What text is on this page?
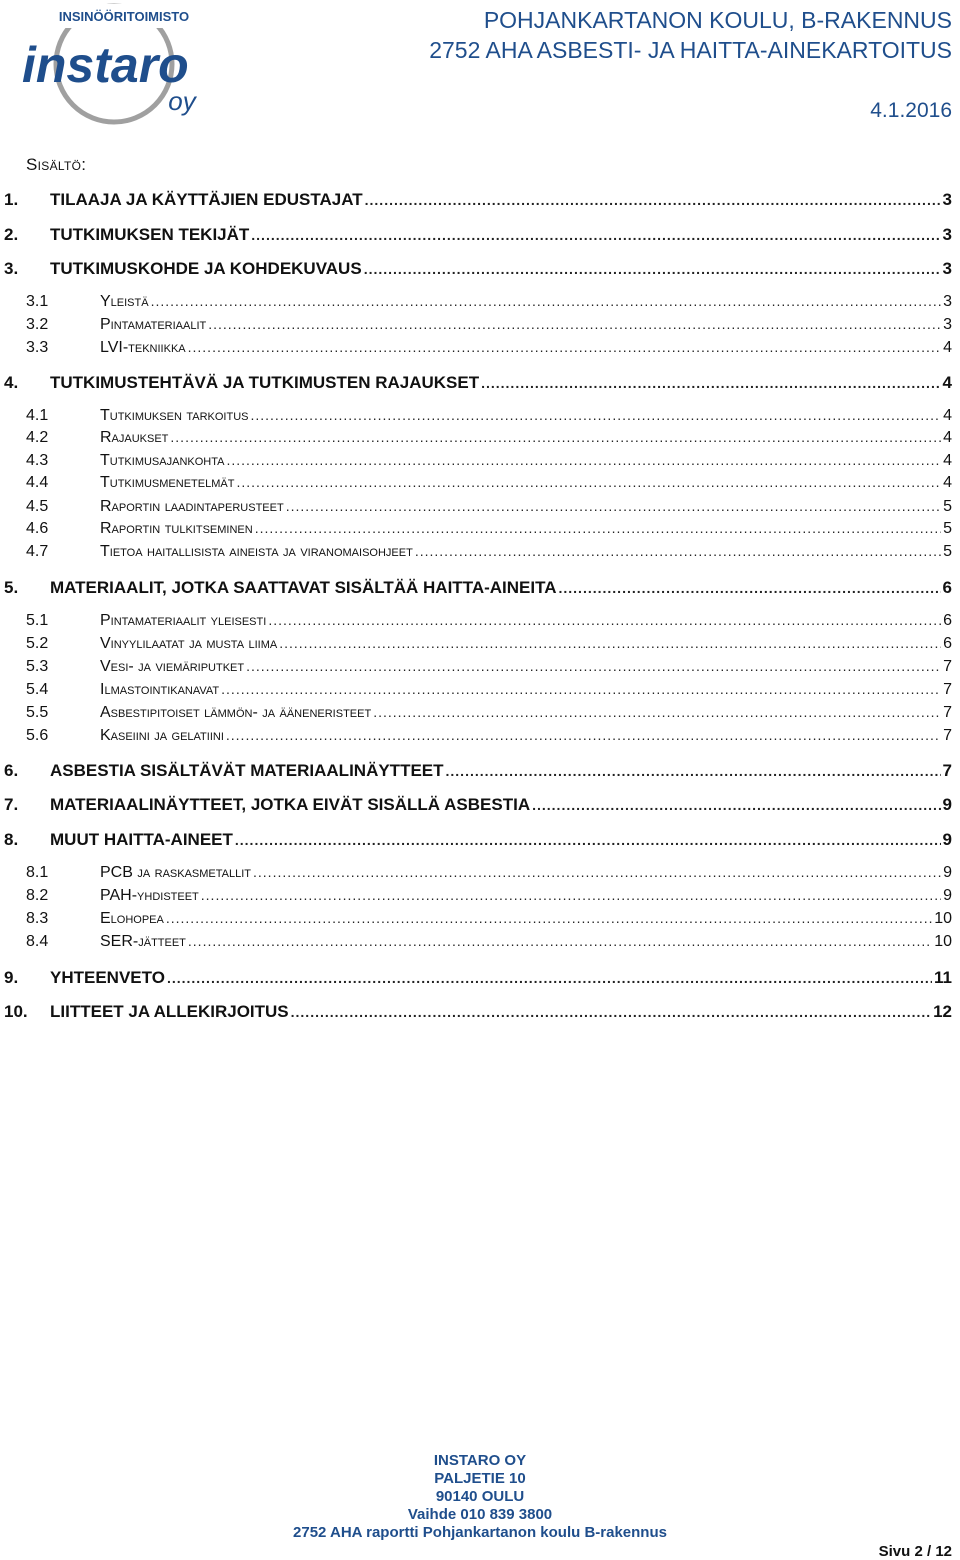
INSINÖÖRITOIMISTO
instaro
oy
POHJANKARTANON KOULU, B-RAKENNUS
2752 AHA ASBESTI- JA HAITTA-AINEKARTOITUS
4.1.2016
Sisältö:
1.	TILAAJA JA KÄYTTÄJIEN EDUSTAJAT .....	3
2.	TUTKIMUKSEN TEKIJÄT .....	3
3.	TUTKIMUSKOHDE JA KOHDEKUVAUS .....	3
3.1	Yleistä .....	3
3.2	Pintamateriaalit .....	3
3.3	LVI-tekniikka .....	4
4.	TUTKIMUSTEHTÄVÄ JA TUTKIMUSTEN RAJAUKSET .....	4
4.1	Tutkimuksen tarkoitus .....	4
4.2	Rajaukset .....	4
4.3	Tutkimusajankohta .....	4
4.4	Tutkimusmenetelmät .....	4
4.5	Raportin laadintaperusteet .....	5
4.6	Raportin tulkitseminen .....	5
4.7	Tietoa haitallisista aineista ja viranomaisohjeet .....	5
5.	MATERIAALIT, JOTKA SAATTAVAT SISÄLTÄÄ HAITTA-AINEITA .....	6
5.1	Pintamateriaalit yleisesti .....	6
5.2	Vinyylilaatat ja musta liima .....	6
5.3	Vesi- ja viemäriputket .....	7
5.4	Ilmastointikanavat .....	7
5.5	Asbestipitoiset lämmön- ja ääneneristeet .....	7
5.6	Kaseiini ja gelatiini .....	7
6.	ASBESTIA SISÄLTÄVÄT MATERIAALINÄYTTEET .....	7
7.	MATERIAALINÄYTTEET, JOTKA EIVÄT SISÄLLÄ ASBESTIA .....	9
8.	MUUT HAITTA-AINEET .....	9
8.1	PCB ja raskasmetallit .....	9
8.2	PAH-yhdisteet .....	9
8.3	Elohopea .....	10
8.4	SER-jätteet .....	10
9.	YHTEENVETO .....	11
10.	LIITTEET JA ALLEKIRJOITUS .....	12
INSTARO OY
PALJETIE 10
90140 OULU
Vaihde 010 839 3800
2752 AHA raportti Pohjankartanon koulu B-rakennus
Sivu 2 / 12
